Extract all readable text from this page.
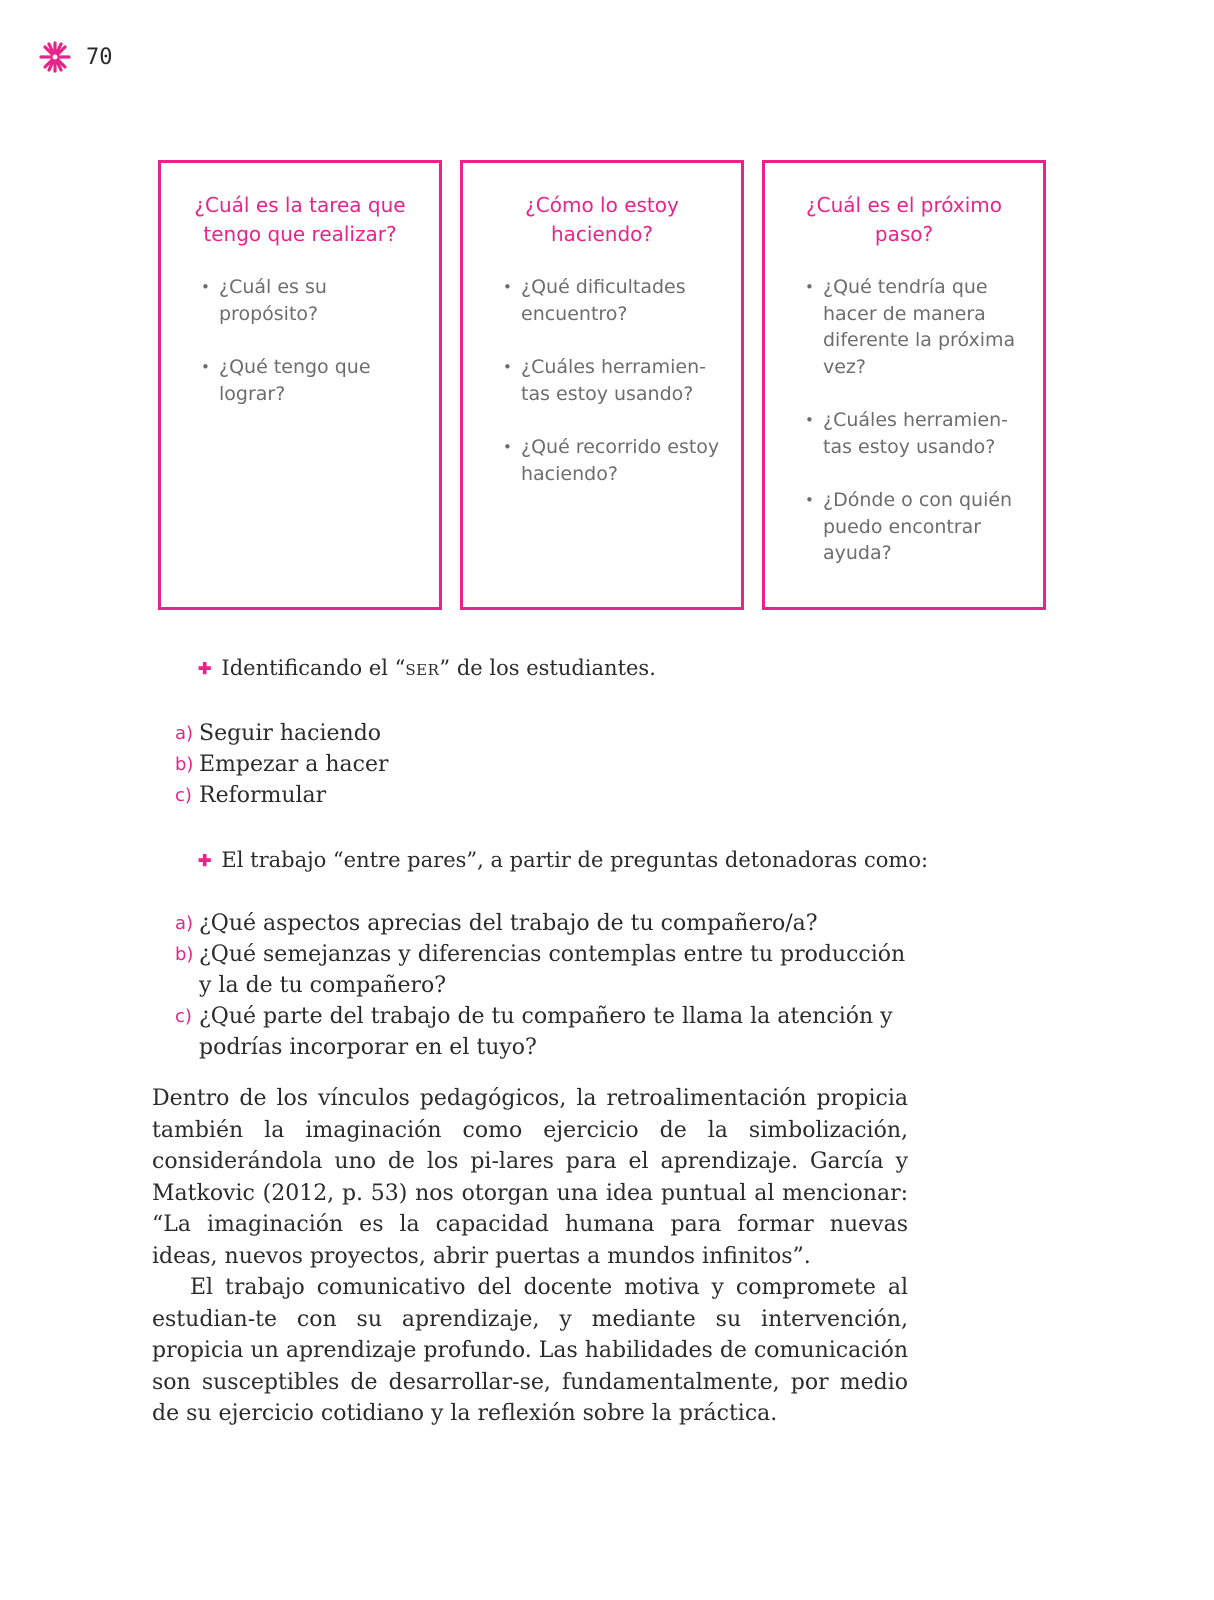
70
¿Cuál es la tarea que tengo que realizar?
• ¿Cuál es su propósito?
• ¿Qué tengo que lograr?
¿Cómo lo estoy haciendo?
• ¿Qué dificultades encuentro?
• ¿Cuáles herramien-tas estoy usando?
• ¿Qué recorrido estoy haciendo?
¿Cuál es el próximo paso?
• ¿Qué tendría que hacer de manera diferente la próxima vez?
• ¿Cuáles herramien-tas estoy usando?
• ¿Dónde o con quién puedo encontrar ayuda?
✚ Identificando el “SER” de los estudiantes.
a) Seguir haciendo
b) Empezar a hacer
c) Reformular
✚ El trabajo “entre pares”, a partir de preguntas detonadoras como:
a) ¿Qué aspectos aprecias del trabajo de tu compañero/a?
b) ¿Qué semejanzas y diferencias contemplas entre tu producción y la de tu compañero?
c) ¿Qué parte del trabajo de tu compañero te llama la atención y podrías incorporar en el tuyo?

Dentro de los vínculos pedagógicos, la retroalimentación propicia también la imaginación como ejercicio de la simbolización, considerándola uno de los pi-lares para el aprendizaje. García y Matkovic (2012, p. 53) nos otorgan una idea puntual al mencionar: “La imaginación es la capacidad humana para formar nuevas ideas, nuevos proyectos, abrir puertas a mundos infinitos”.

El trabajo comunicativo del docente motiva y compromete al estudian-te con su aprendizaje, y mediante su intervención, propicia un aprendizaje profundo. Las habilidades de comunicación son susceptibles de desarrollar-se, fundamentalmente, por medio de su ejercicio cotidiano y la reflexión sobre la práctica.
